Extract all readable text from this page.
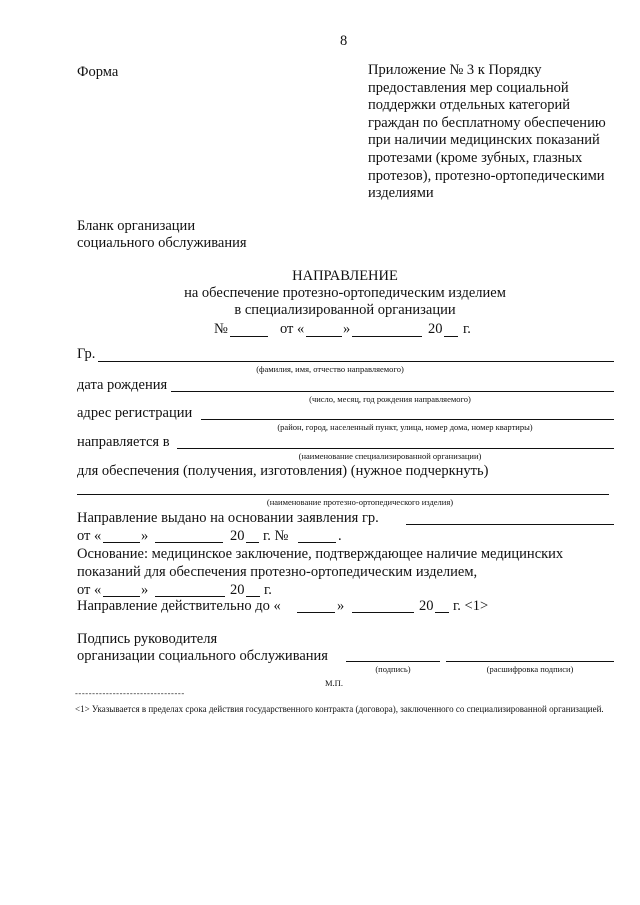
8
Форма	Приложение № 3 к Порядку предоставления мер социальной поддержки отдельных категорий граждан по бесплатному обеспечению при наличии медицинских показаний протезами (кроме зубных, глазных протезов), протезно-ортопедическими изделиями
Бланк организации
социального обслуживания
НАПРАВЛЕНИЕ
на обеспечение протезно-ортопедическим изделием
в специализированной организации
№	от «	»	20 г.
Гр.
(фамилия, имя, отчество направляемого)
дата рождения
(число, месяц, год рождения направляемого)
адрес регистрации
(район, город, населенный пункт, улица, номер дома, номер квартиры)
направляется в
(наименование специализированной организации)
для обеспечения (получения, изготовления) (нужное подчеркнуть)
(наименование протезно-ортопедического изделия)
Направление выдано на основании заявления гр.
от «	»	20 г. №	.
Основание: медицинское заключение, подтверждающее наличие медицинских
показаний для обеспечения протезно-ортопедическим изделием,
от «	»	20 г.
Направление действительно до «	»	20 г. <1>
Подпись руководителя
организации социального обслуживания
(подпись)	(расшифровка подписи)
М.П.
--------------------------------
<1> Указывается в пределах срока действия государственного контракта (договора), заключенного со специализированной организацией.
